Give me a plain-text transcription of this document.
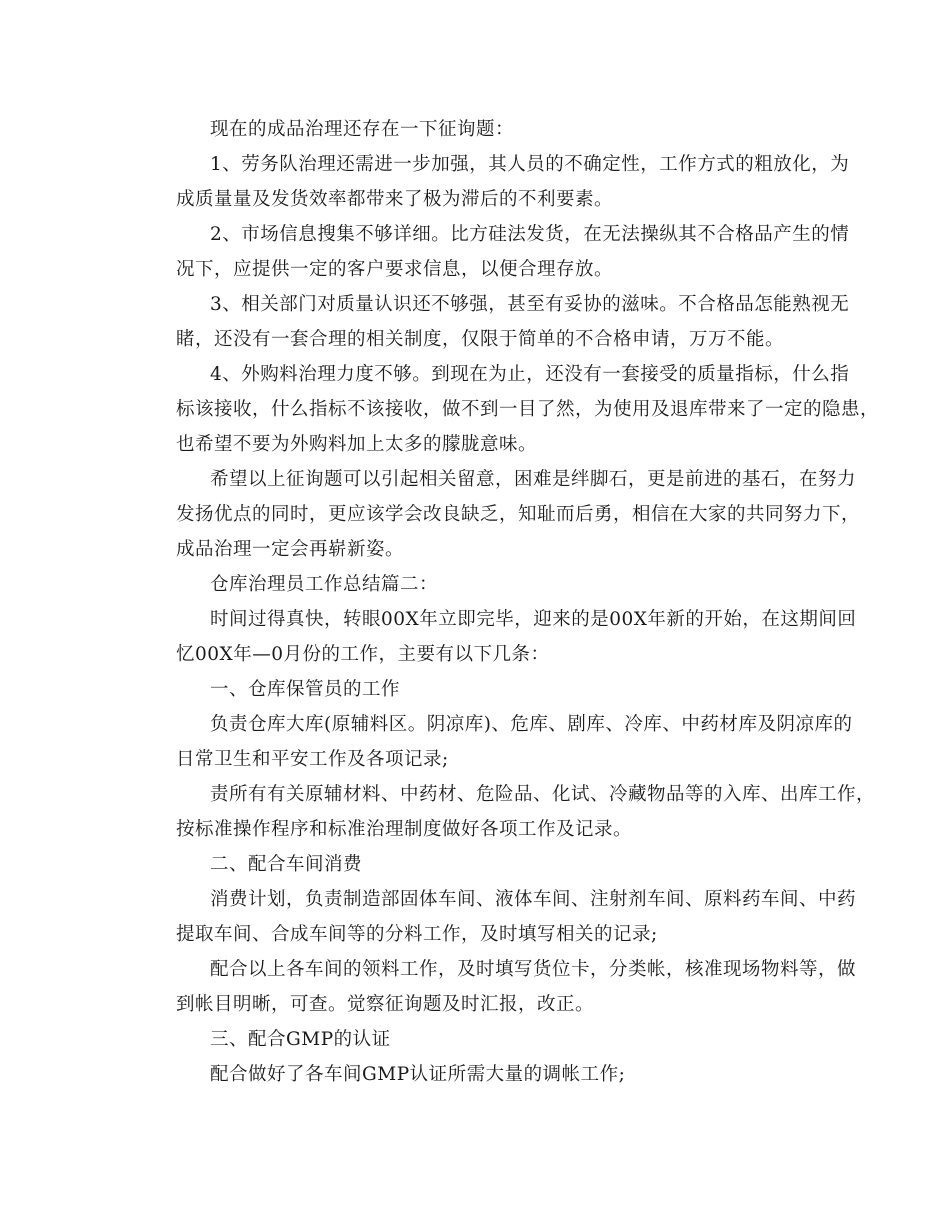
现在的成品治理还存在一下征询题：
1、劳务队治理还需进一步加强，其人员的不确定性，工作方式的粗放化，为
成质量量及发货效率都带来了极为滞后的不利要素。
2、市场信息搜集不够详细。比方硅法发货，在无法操纵其不合格品产生的情
况下，应提供一定的客户要求信息，以便合理存放。
3、相关部门对质量认识还不够强，甚至有妥协的滋味。不合格品怎能熟视无
睹，还没有一套合理的相关制度，仅限于简单的不合格申请，万万不能。
4、外购料治理力度不够。到现在为止，还没有一套接受的质量指标，什么指
标该接收，什么指标不该接收，做不到一目了然，为使用及退库带来了一定的隐患，
也希望不要为外购料加上太多的朦胧意味。
希望以上征询题可以引起相关留意，困难是绊脚石，更是前进的基石，在努力
发扬优点的同时，更应该学会改良缺乏，知耻而后勇，相信在大家的共同努力下，
成品治理一定会再崭新姿。
仓库治理员工作总结篇二：
时间过得真快，转眼00X年立即完毕，迎来的是00X年新的开始，在这期间回
忆00X年—0月份的工作，主要有以下几条：
一、仓库保管员的工作
负责仓库大库(原辅料区。阴凉库)、危库、剧库、冷库、中药材库及阴凉库的
日常卫生和平安工作及各项记录;
责所有有关原辅材料、中药材、危险品、化试、冷藏物品等的入库、出库工作，
按标准操作程序和标准治理制度做好各项工作及记录。
二、配合车间消费
消费计划，负责制造部固体车间、液体车间、注射剂车间、原料药车间、中药
提取车间、合成车间等的分料工作，及时填写相关的记录;
配合以上各车间的领料工作，及时填写货位卡，分类帐，核准现场物料等，做
到帐目明晰，可查。觉察征询题及时汇报，改正。
三、配合GMP的认证
配合做好了各车间GMP认证所需大量的调帐工作;
